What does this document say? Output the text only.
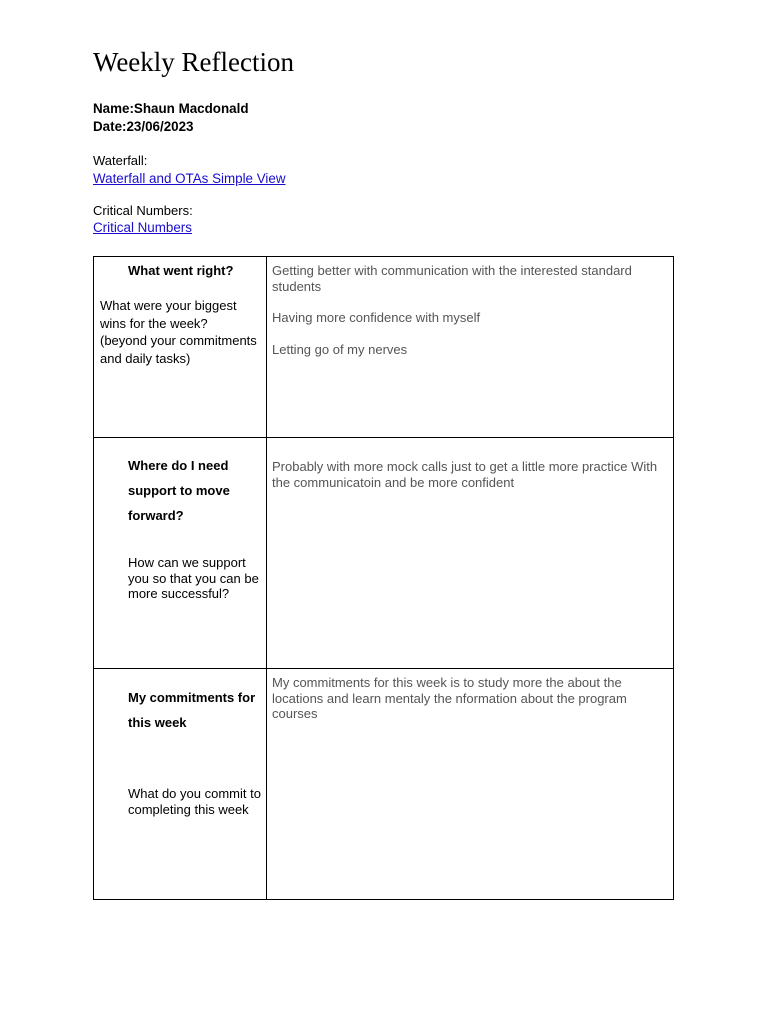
Weekly Reflection
Name:Shaun Macdonald
Date:23/06/2023
Waterfall:
Waterfall and OTAs Simple View
Critical Numbers:
Critical Numbers
What went right?
What were your biggest wins for the week? (beyond your commitments and daily tasks)

Getting better with communication with the interested standard students

Having more confidence with myself

Letting go of my nerves

Where do I need support to move forward?
How can we support you so that you can be more successful?

Probably with more mock calls just to get a little more practice With the communicatoin and be more confident

My commitments for this week
What do you commit to completing this week

My commitments for this week is to study more the about the locations and learn mentaly the nformation about the program courses
